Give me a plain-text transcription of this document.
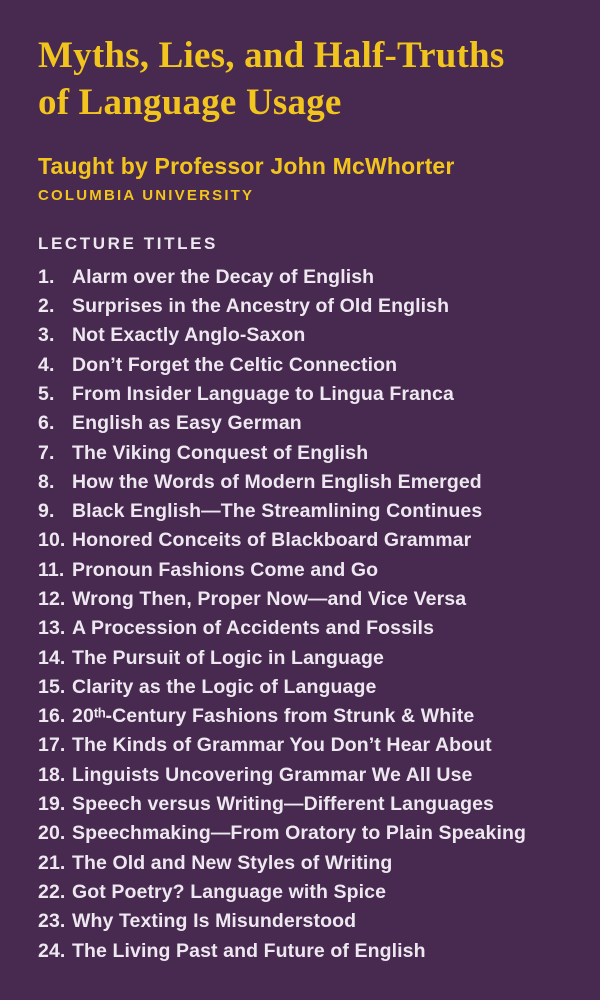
Myths, Lies, and Half-Truths
of Language Usage
Taught by Professor John McWhorter
COLUMBIA UNIVERSITY
LECTURE TITLES
1. Alarm over the Decay of English
2. Surprises in the Ancestry of Old English
3. Not Exactly Anglo-Saxon
4. Don’t Forget the Celtic Connection
5. From Insider Language to Lingua Franca
6. English as Easy German
7. The Viking Conquest of English
8. How the Words of Modern English Emerged
9. Black English—The Streamlining Continues
10. Honored Conceits of Blackboard Grammar
11. Pronoun Fashions Come and Go
12. Wrong Then, Proper Now—and Vice Versa
13. A Procession of Accidents and Fossils
14. The Pursuit of Logic in Language
15. Clarity as the Logic of Language
16. 20ᵗʰ-Century Fashions from Strunk & White
17. The Kinds of Grammar You Don’t Hear About
18. Linguists Uncovering Grammar We All Use
19. Speech versus Writing—Different Languages
20. Speechmaking—From Oratory to Plain Speaking
21. The Old and New Styles of Writing
22. Got Poetry? Language with Spice
23. Why Texting Is Misunderstood
24. The Living Past and Future of English
